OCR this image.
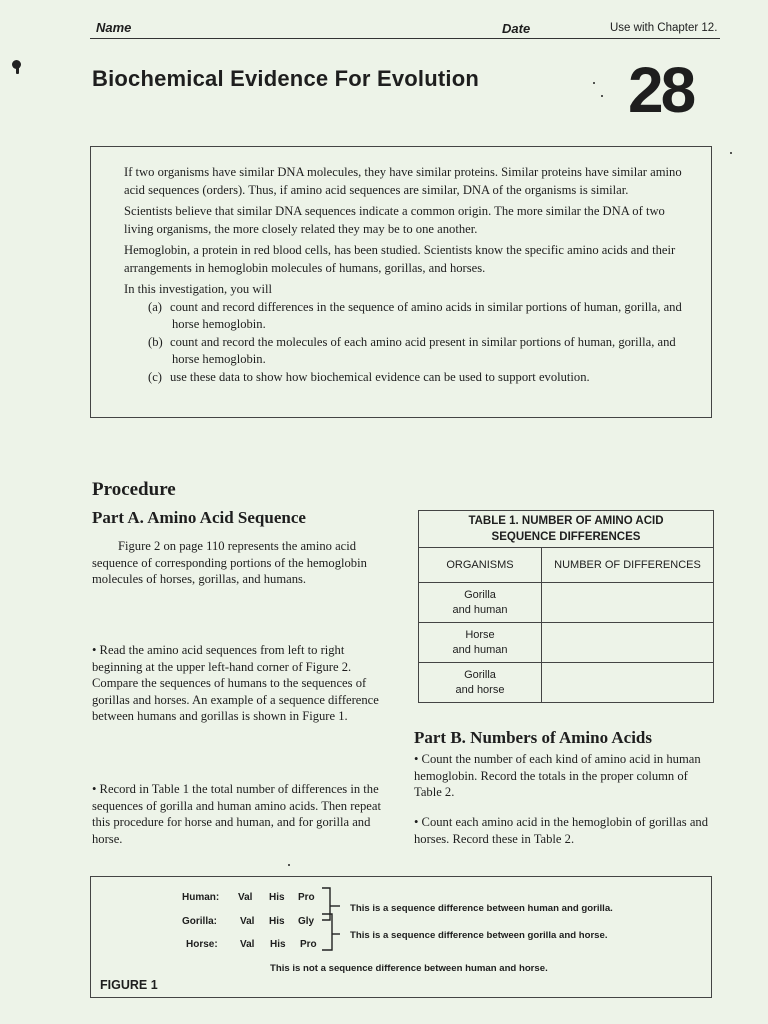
Name	Date	Use with Chapter 12.
Biochemical Evidence For Evolution 28

If two organisms have similar DNA molecules, they have similar proteins. Similar proteins have similar amino acid sequences (orders). Thus, if amino acid sequences are similar, DNA of the organisms is similar.

Scientists believe that similar DNA sequences indicate a common origin. The more similar the DNA of two living organisms, the more closely related they may be to one another.

Hemoglobin, a protein in red blood cells, has been studied. Scientists know the specific amino acids and their arrangements in hemoglobin molecules of humans, gorillas, and horses.

In this investigation, you will

(a) count and record differences in the sequence of amino acids in similar portions of human, gorilla, and horse hemoglobin.
(b) count and record the molecules of each amino acid present in similar portions of human, gorilla, and horse hemoglobin.
(c) use these data to show how biochemical evidence can be used to support evolution.
Procedure
Part A. Amino Acid Sequence
Figure 2 on page 110 represents the amino acid sequence of corresponding portions of the hemoglobin molecules of horses, gorillas, and humans.
• Read the amino acid sequences from left to right beginning at the upper left-hand corner of Figure 2. Compare the sequences of humans to the sequences of gorillas and horses. An example of a sequence difference between humans and gorillas is shown in Figure 1.
• Record in Table 1 the total number of differences in the sequences of gorilla and human amino acids. Then repeat this procedure for horse and human, and for gorilla and horse.
TABLE 1. NUMBER OF AMINO ACID
SEQUENCE DIFFERENCES	

ORGANISMS	NUMBER OF DIFFERENCES

Gorilla
and human	

Horse
and human	

Gorilla
and horse	

Part B. Numbers of Amino Acids
• Count the number of each kind of amino acid in human hemoglobin. Record the totals in the proper column of Table 2.
• Count each amino acid in the hemoglobin of gorillas and horses. Record these in Table 2.
Human: Val His Pro
Gorilla: Val His Gly
Horse: Val His Pro
This is a sequence difference between human and gorilla.
This is a sequence difference between gorilla and horse.
This is not a sequence difference between human and horse.
FIGURE 1
